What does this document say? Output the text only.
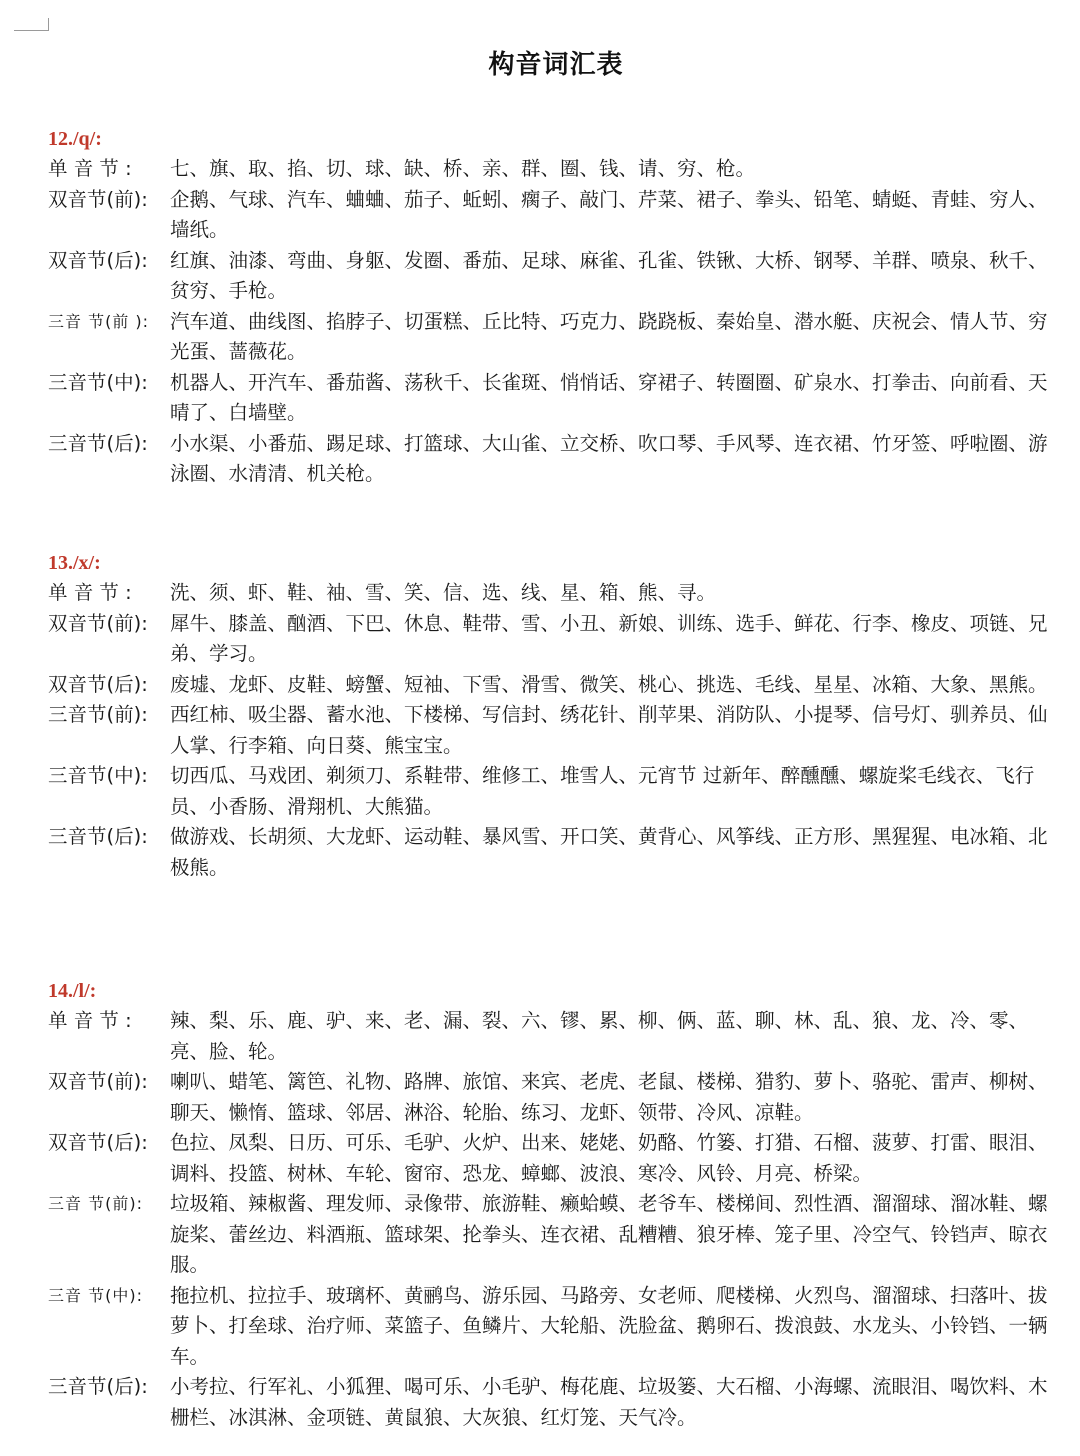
构音词汇表
12./q/:
单 音 节 :	七、旗、取、掐、切、球、缺、桥、亲、群、圈、钱、请、穷、枪。
双音节(前):	企鹅、气球、汽车、蛐蛐、茄子、蚯蚓、瘸子、敲门、芹菜、裙子、拳头、铅笔、蜻蜓、青蛙、穷人、墙纸。
双音节(后):	红旗、油漆、弯曲、身躯、发圈、番茄、足球、麻雀、孔雀、铁锹、大桥、钢琴、羊群、喷泉、秋千、贫穷、手枪。
三音 节(前 ):	汽车道、曲线图、掐脖子、切蛋糕、丘比特、巧克力、跷跷板、秦始皇、潜水艇、庆祝会、情人节、穷光蛋、蔷薇花。
三音节(中):	机器人、开汽车、番茄酱、荡秋千、长雀斑、悄悄话、穿裙子、转圈圈、矿泉水、打拳击、向前看、天晴了、白墙壁。
三音节(后):	小水渠、小番茄、踢足球、打篮球、大山雀、立交桥、吹口琴、手风琴、连衣裙、竹牙签、呼啦圈、游泳圈、水清清、机关枪。
13./x/:
单 音 节 :	洗、须、虾、鞋、袖、雪、笑、信、选、线、星、箱、熊、寻。
双音节(前):	犀牛、膝盖、酗酒、下巴、休息、鞋带、雪、小丑、新娘、训练、选手、鲜花、行李、橡皮、项链、兄弟、学习。
双音节(后):	废墟、龙虾、皮鞋、螃蟹、短袖、下雪、滑雪、微笑、桃心、挑选、毛线、星星、冰箱、大象、黑熊。
三音节(前):	西红柿、吸尘器、蓄水池、下楼梯、写信封、绣花针、削苹果、消防队、小提琴、信号灯、驯养员、仙人掌、行李箱、向日葵、熊宝宝。
三音节(中):	切西瓜、马戏团、剃须刀、系鞋带、维修工、堆雪人、元宵节 过新年、醉醺醺、螺旋桨毛线衣、飞行员、小香肠、滑翔机、大熊猫。
三音节(后):	做游戏、长胡须、大龙虾、运动鞋、暴风雪、开口笑、黄背心、风筝线、正方形、黑猩猩、电冰箱、北极熊。
14./l/:
单 音 节 :	辣、梨、乐、鹿、驴、来、老、漏、裂、六、镠、累、柳、俩、蓝、聊、林、乱、狼、龙、冷、零、亮、脸、轮。
双音节(前):	喇叭、蜡笔、篱笆、礼物、路牌、旅馆、来宾、老虎、老鼠、楼梯、猎豹、萝卜、骆驼、雷声、柳树、聊天、懒惰、篮球、邻居、淋浴、轮胎、练习、龙虾、领带、冷风、凉鞋。
双音节(后):	色拉、凤梨、日历、可乐、毛驴、火炉、出来、姥姥、奶酪、竹篓、打猎、石榴、菠萝、打雷、眼泪、调料、投篮、树林、车轮、窗帘、恐龙、蟑螂、波浪、寒冷、风铃、月亮、桥梁。
三音 节(前):	垃圾箱、辣椒酱、理发师、录像带、旅游鞋、癞蛤蟆、老爷车、楼梯间、烈性酒、溜溜球、溜冰鞋、螺旋桨、蕾丝边、料酒瓶、篮球架、抡拳头、连衣裙、乱糟糟、狼牙棒、笼子里、冷空气、铃铛声、晾衣服。
三音 节(中):	拖拉机、拉拉手、玻璃杯、黄鹂鸟、游乐园、马路旁、女老师、爬楼梯、火烈鸟、溜溜球、扫落叶、拔萝卜、打垒球、治疗师、菜篮子、鱼鳞片、大轮船、洗脸盆、鹅卵石、拨浪鼓、水龙头、小铃铛、一辆车。
三音节(后):	小考拉、行军礼、小狐狸、喝可乐、小毛驴、梅花鹿、垃圾篓、大石榴、小海螺、流眼泪、喝饮料、木栅栏、冰淇淋、金项链、黄鼠狼、大灰狼、红灯笼、天气冷。
